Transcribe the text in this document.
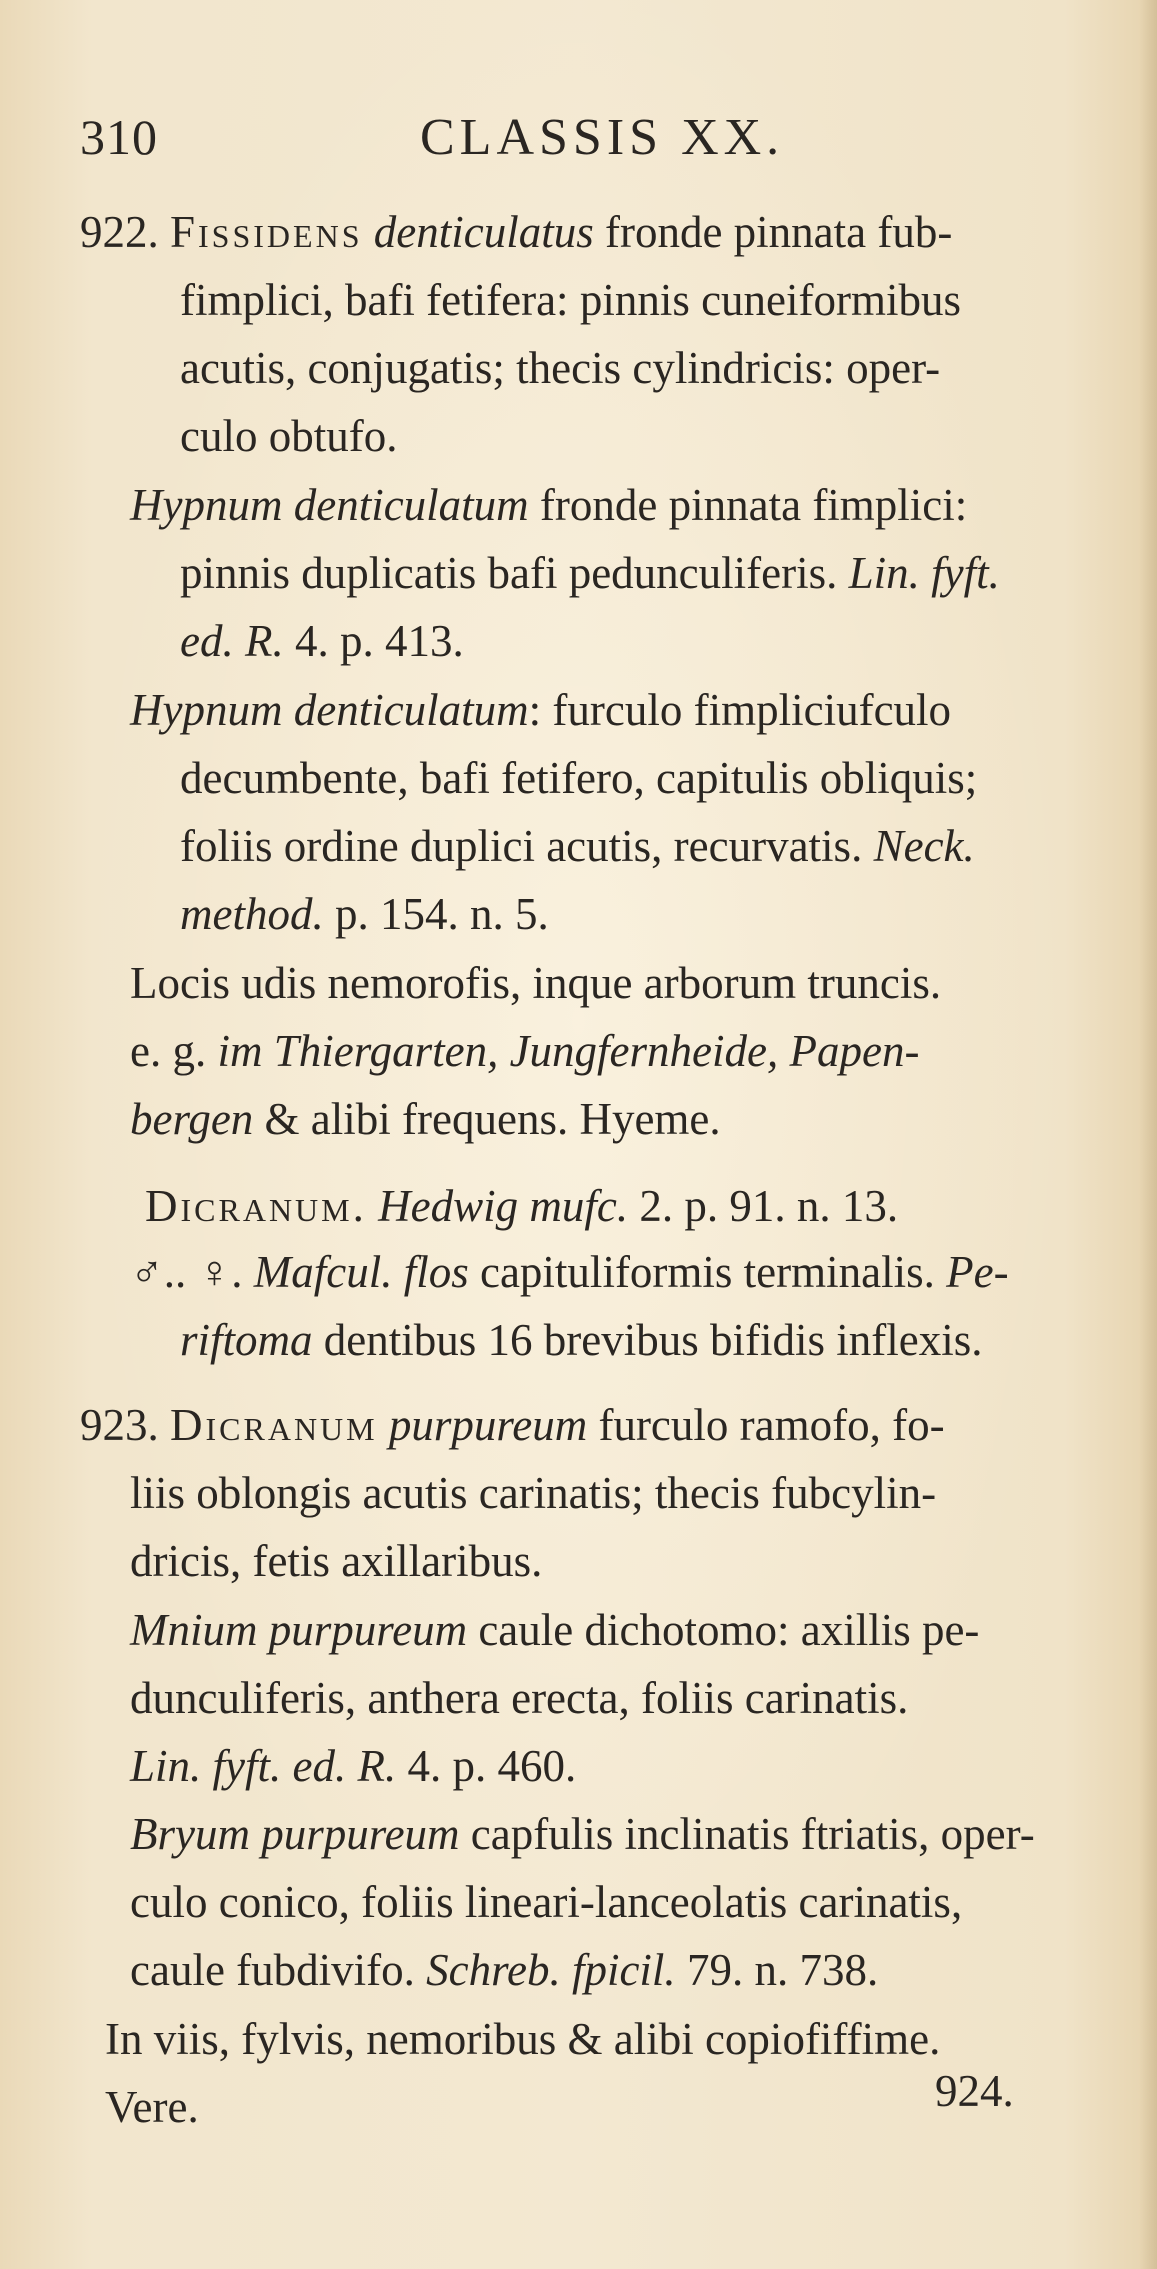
310	CLASSIS XX.
922. Fissidens denticulatus fronde pinnata fub-
fimplici, bafi fetifera: pinnis cuneiformibus
acutis, conjugatis; thecis cylindricis: oper-
culo obtufo.
Hypnum denticulatum fronde pinnata fimplici:
pinnis duplicatis bafi pedunculiferis. Lin. fyft.
ed. R. 4. p. 413.
Hypnum denticulatum: furculo fimpliciufculo
decumbente, bafi fetifero, capitulis obliquis;
foliis ordine duplici acutis, recurvatis. Neck.
method. p. 154. n. 5.
Locis udis nemorofis, inque arborum truncis.
e. g. im Thiergarten, Jungfernheide, Papen-
bergen & alibi frequens. Hyeme.
Dicranum. Hedwig mufc. 2. p. 91. n. 13.
♂.. ♀. Mafcul. flos capituliformis terminalis. Pe-
riftoma dentibus 16 brevibus bifidis inflexis.
923. Dicranum purpureum furculo ramofo, fo-
liis oblongis acutis carinatis; thecis fubcylin-
dricis, fetis axillaribus.
Mnium purpureum caule dichotomo: axillis pe-
dunculiferis, anthera erecta, foliis carinatis.
Lin. fyft. ed. R. 4. p. 460.
Bryum purpureum capfulis inclinatis ftriatis, oper-
culo conico, foliis lineari-lanceolatis carinatis,
caule fubdivifo. Schreb. fpicil. 79. n. 738.
In viis, fylvis, nemoribus & alibi copiofiffime.
Vere.	924.
